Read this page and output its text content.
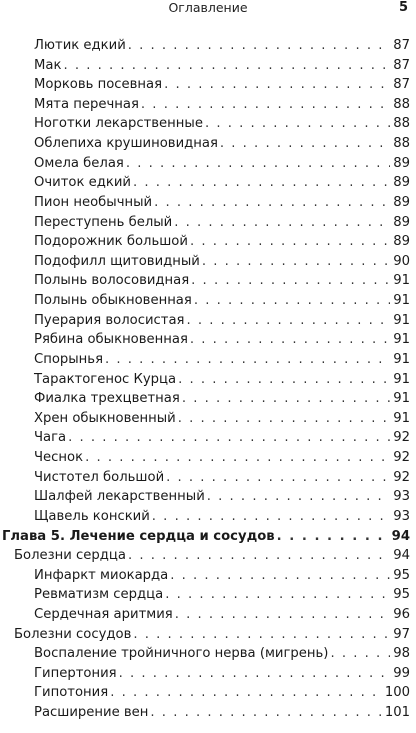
Оглавление	5
Лютик едкий . . .	87
Мак . . .	87
Морковь посевная . . .	87
Мята перечная . . .	88
Ноготки лекарственные . . .	88
Облепиха крушиновидная . . .	88
Омела белая . . .	89
Очиток едкий . . .	89
Пион необычный . . .	89
Переступень белый . . .	89
Подорожник большой . . .	89
Подофилл щитовидный . . .	90
Полынь волосовидная . . .	91
Полынь обыкновенная . . .	91
Пуерария волосистая . . .	91
Рябина обыкновенная . . .	91
Спорынья . . .	91
Тарактогенос Курца . . .	91
Фиалка трехцветная . . .	91
Хрен обыкновенный . . .	91
Чага . . .	92
Чеснок . . .	92
Чистотел большой . . .	92
Шалфей лекарственный . . .	93
Щавель конский . . .	93
Глава 5. Лечение сердца и сосудов . . .	94
Болезни сердца . . .	94
Инфаркт миокарда . . .	95
Ревматизм сердца . . .	95
Сердечная аритмия . . .	96
Болезни сосудов . . .	97
Воспаление тройничного нерва (мигрень) . . .	98
Гипертония . . .	99
Гипотония . . .	100
Расширение вен . . .	101
